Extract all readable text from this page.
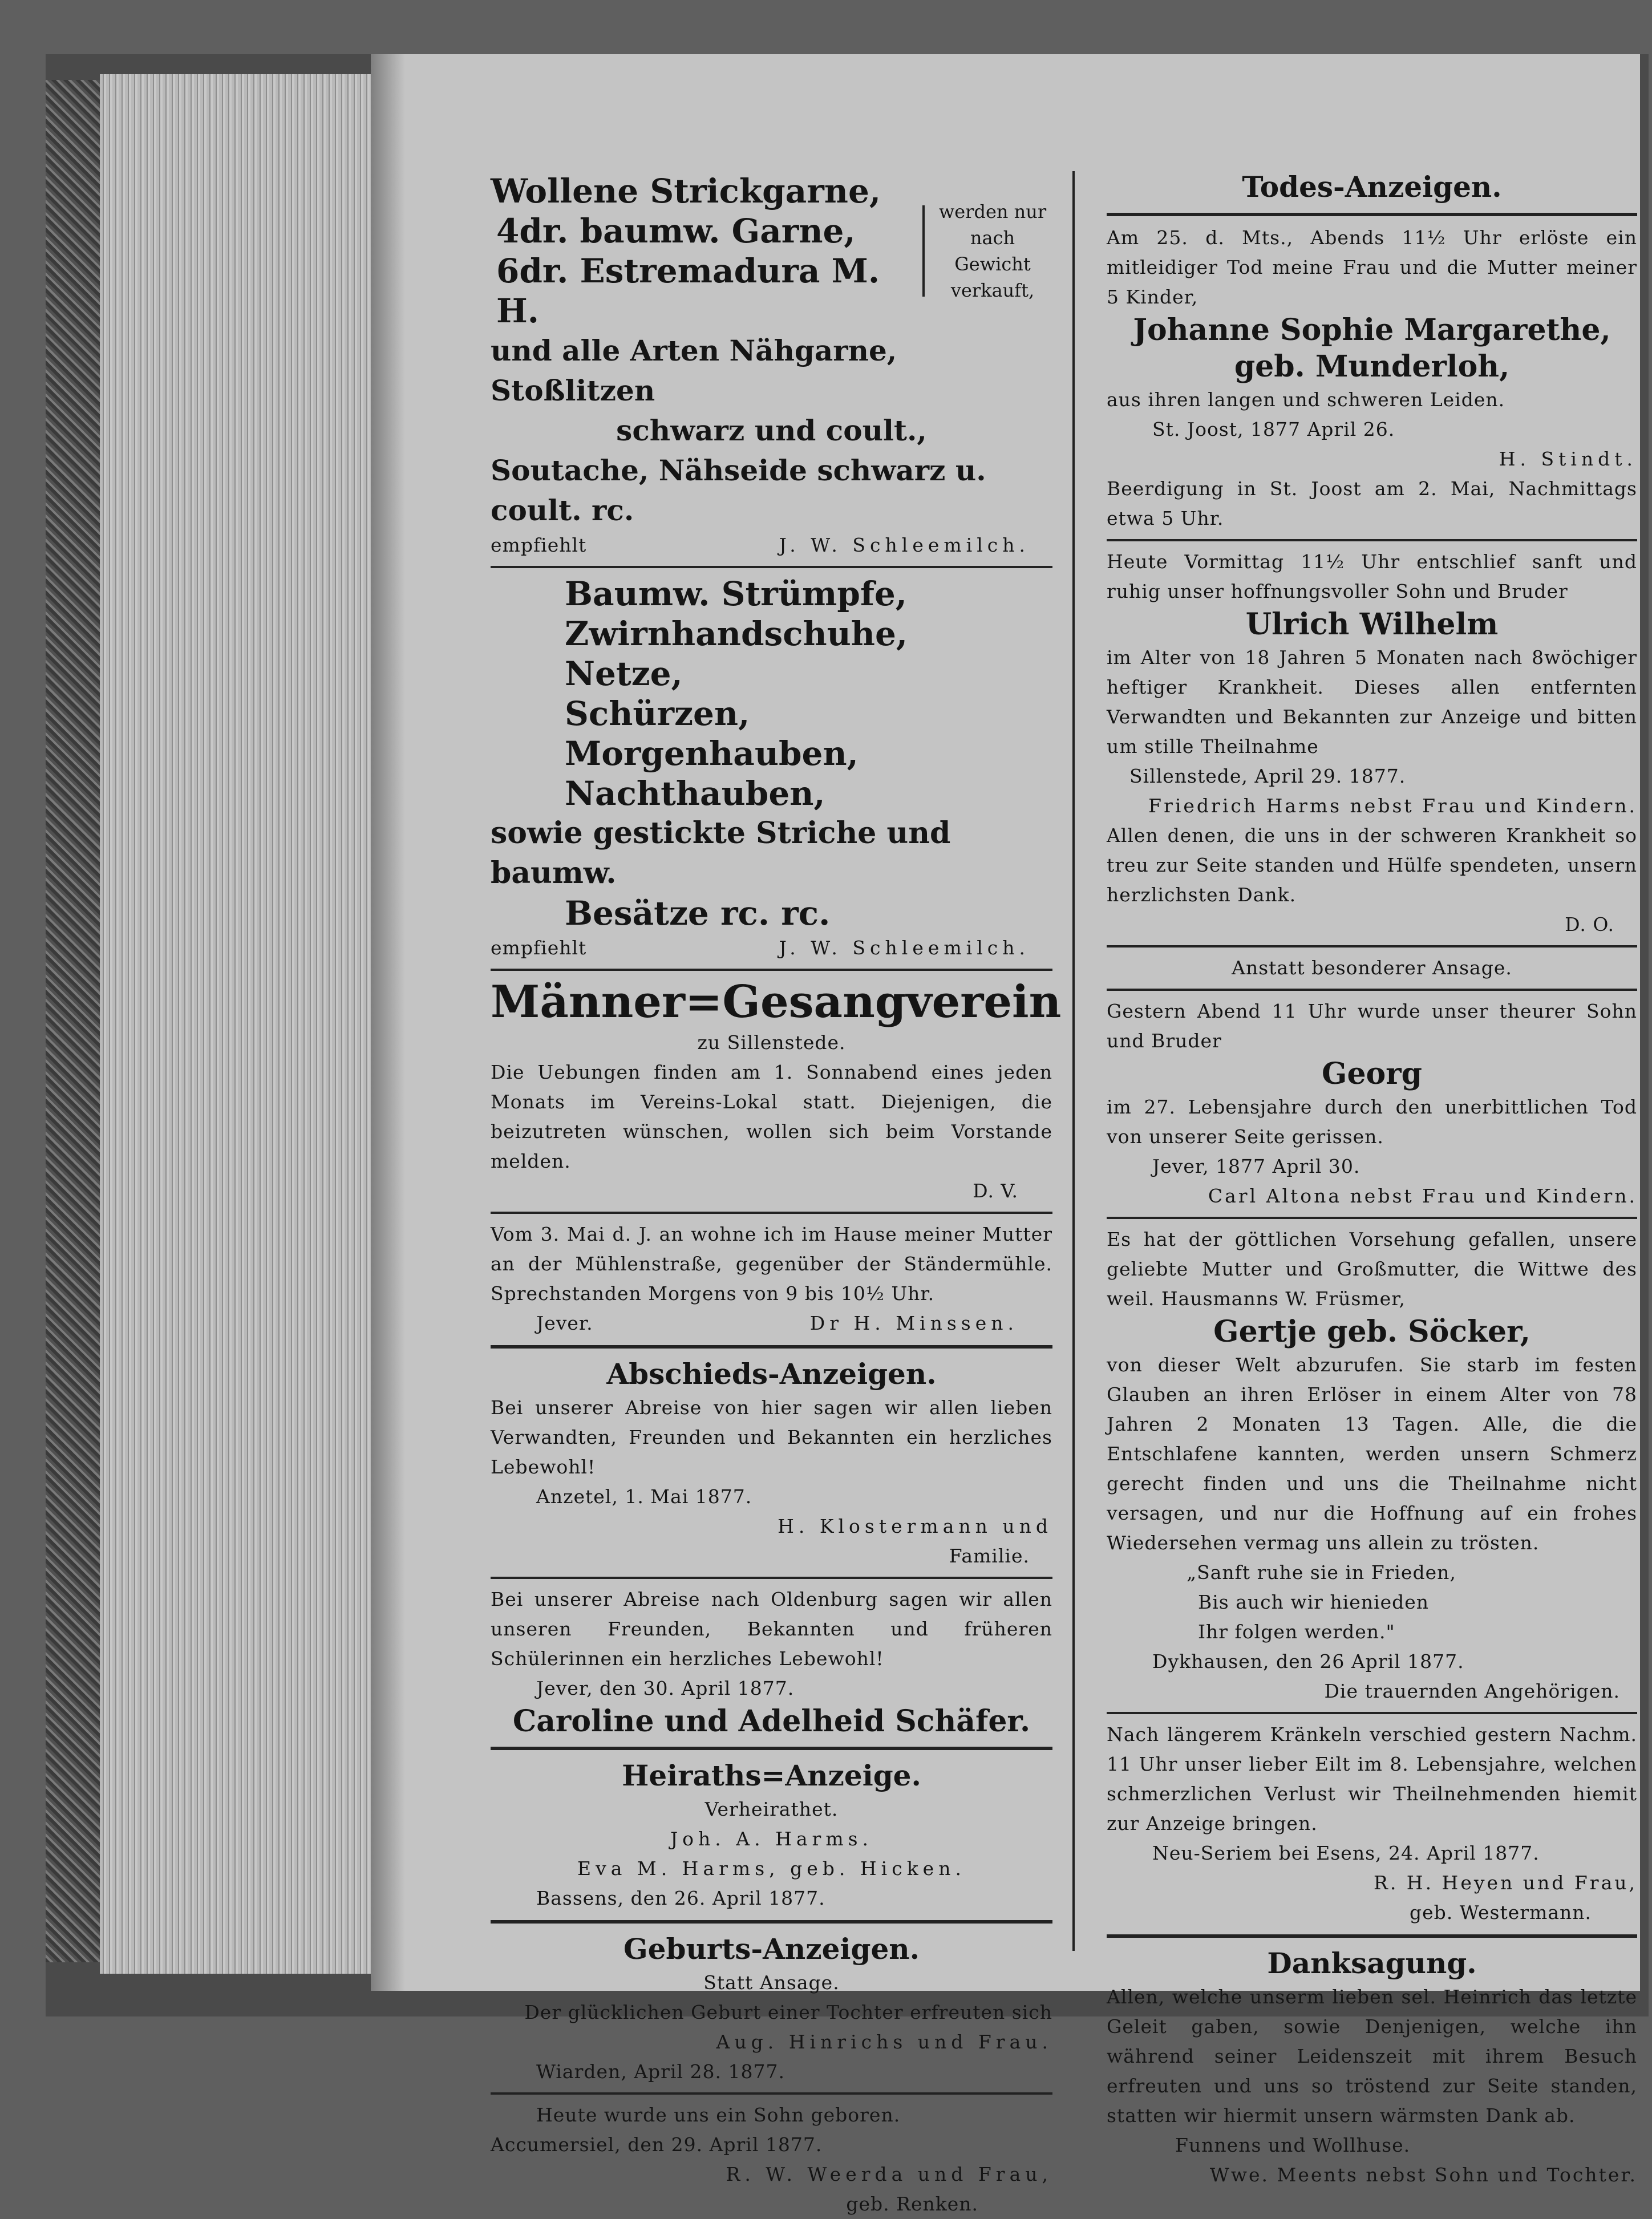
Wollene Strickgarne,
4dr. baumw. Garne,
6dr. Estremadura M. H.
werden nur
nach
Gewicht
verkauft,
und alle Arten Nähgarne, Stoßlitzen
schwarz und coult.,
Soutache, Nähseide schwarz u. coult. rc.
empfiehlt	J. W. Schleemilch.
Baumw. Strümpfe,
Zwirnhandschuhe,
Netze,
Schürzen,
Morgenhauben,
Nachthauben,
sowie gestickte Striche und baumw.
Besätze rc. rc.
empfiehlt	J. W. Schleemilch.
Männer=Gesangverein
zu Sillenstede.
Die Uebungen finden am 1. Sonnabend eines jeden Monats im Vereins-Lokal statt. Diejenigen, die beizutreten wünschen, wollen sich beim Vorstande melden.
D. V.
Vom 3. Mai d. J. an wohne ich im Hause meiner Mutter an der Mühlenstraße, gegenüber der Ständermühle. Sprechstanden Morgens von 9 bis 10½ Uhr.
Jever.	Dr H. Minssen.
Abschieds-Anzeigen.
Bei unserer Abreise von hier sagen wir allen lieben Verwandten, Freunden und Bekannten ein herzliches Lebewohl!
Anzetel, 1. Mai 1877.
H. Klostermann und
Familie.
Bei unserer Abreise nach Oldenburg sagen wir allen unseren Freunden, Bekannten und früheren Schülerinnen ein herzliches Lebewohl!
Jever, den 30. April 1877.
Caroline und Adelheid Schäfer.
Heiraths=Anzeige.
Verheirathet.
Joh. A. Harms.
Eva M. Harms, geb. Hicken.
Bassens, den 26. April 1877.
Geburts-Anzeigen.
Statt Ansage.
Der glücklichen Geburt einer Tochter erfreuten sich
Aug. Hinrichs und Frau.
Wiarden, April 28. 1877.
Heute wurde uns ein Sohn geboren.
Accumersiel, den 29. April 1877.
R. W. Weerda und Frau,
geb. Renken.
Todes-Anzeigen.
Am 25. d. Mts., Abends 11½ Uhr erlöste ein mitleidiger Tod meine Frau und die Mutter meiner 5 Kinder,
Johanne Sophie Margarethe, geb. Munderloh,
aus ihren langen und schweren Leiden.
St. Joost, 1877 April 26.
H. Stindt.
Beerdigung in St. Joost am 2. Mai, Nachmittags etwa 5 Uhr.
Heute Vormittag 11½ Uhr entschlief sanft und ruhig unser hoffnungsvoller Sohn und Bruder
Ulrich Wilhelm
im Alter von 18 Jahren 5 Monaten nach 8wöchiger heftiger Krankheit. Dieses allen entfernten Verwandten und Bekannten zur Anzeige und bitten um stille Theilnahme
Sillenstede, April 29. 1877.
Friedrich Harms nebst Frau und Kindern.
Allen denen, die uns in der schweren Krankheit so treu zur Seite standen und Hülfe spendeten, unsern herzlichsten Dank.
D. O.
Anstatt besonderer Ansage.
Gestern Abend 11 Uhr wurde unser theurer Sohn und Bruder
Georg
im 27. Lebensjahre durch den unerbittlichen Tod von unserer Seite gerissen.
Jever, 1877 April 30.
Carl Altona nebst Frau und Kindern.
Es hat der göttlichen Vorsehung gefallen, unsere geliebte Mutter und Großmutter, die Wittwe des weil. Hausmanns W. Früsmer,
Gertje geb. Söcker,
von dieser Welt abzurufen. Sie starb im festen Glauben an ihren Erlöser in einem Alter von 78 Jahren 2 Monaten 13 Tagen. Alle, die die Entschlafene kannten, werden unsern Schmerz gerecht finden und uns die Theilnahme nicht versagen, und nur die Hoffnung auf ein frohes Wiedersehen vermag uns allein zu trösten.
„Sanft ruhe sie in Frieden,
Bis auch wir hienieden
Ihr folgen werden."
Dykhausen, den 26 April 1877.
Die trauernden Angehörigen.
Nach längerem Kränkeln verschied gestern Nachm. 11 Uhr unser lieber Eilt im 8. Lebensjahre, welchen schmerzlichen Verlust wir Theilnehmenden hiemit zur Anzeige bringen.
Neu-Seriem bei Esens, 24. April 1877.
R. H. Heyen und Frau,
geb. Westermann.
Danksagung.
Allen, welche unserm lieben sel. Heinrich das letzte Geleit gaben, sowie Denjenigen, welche ihn während seiner Leidenszeit mit ihrem Besuch erfreuten und uns so tröstend zur Seite standen, statten wir hiermit unsern wärmsten Dank ab.
Funnens und Wollhuse.
Wwe. Meents nebst Sohn und Tochter.
